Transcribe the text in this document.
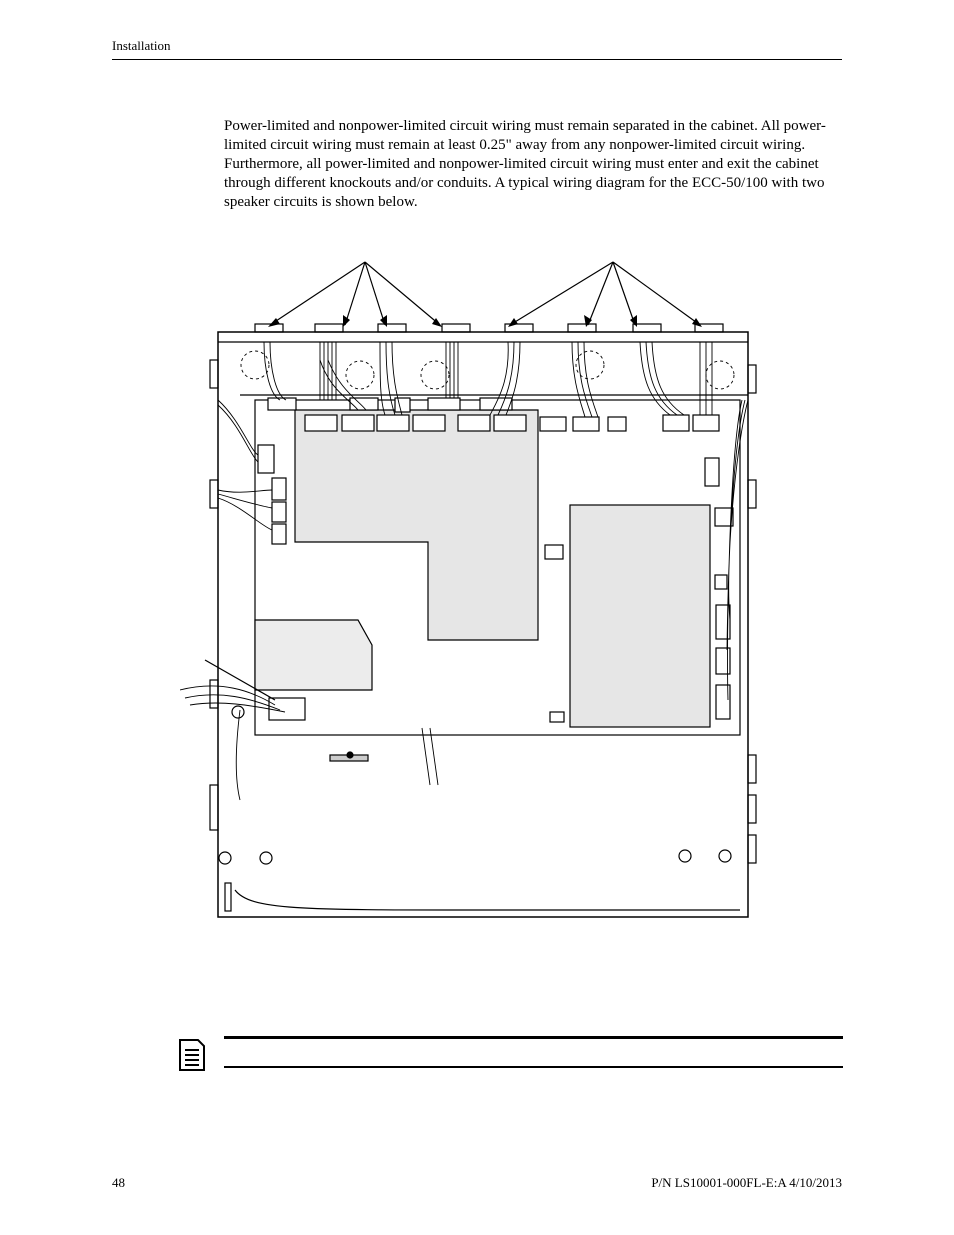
Installation

Power-limited and nonpower-limited circuit wiring must remain separated in the cabinet. All power-limited circuit wiring must remain at least 0.25" away from any nonpower-limited circuit wiring. Furthermore, all power-limited and nonpower-limited circuit wiring must enter and exit the cabinet through different knockouts and/or conduits. A typical wiring diagram for the ECC-50/100 with two speaker circuits is shown below.

48	P/N LS10001-000FL-E:A 4/10/2013
